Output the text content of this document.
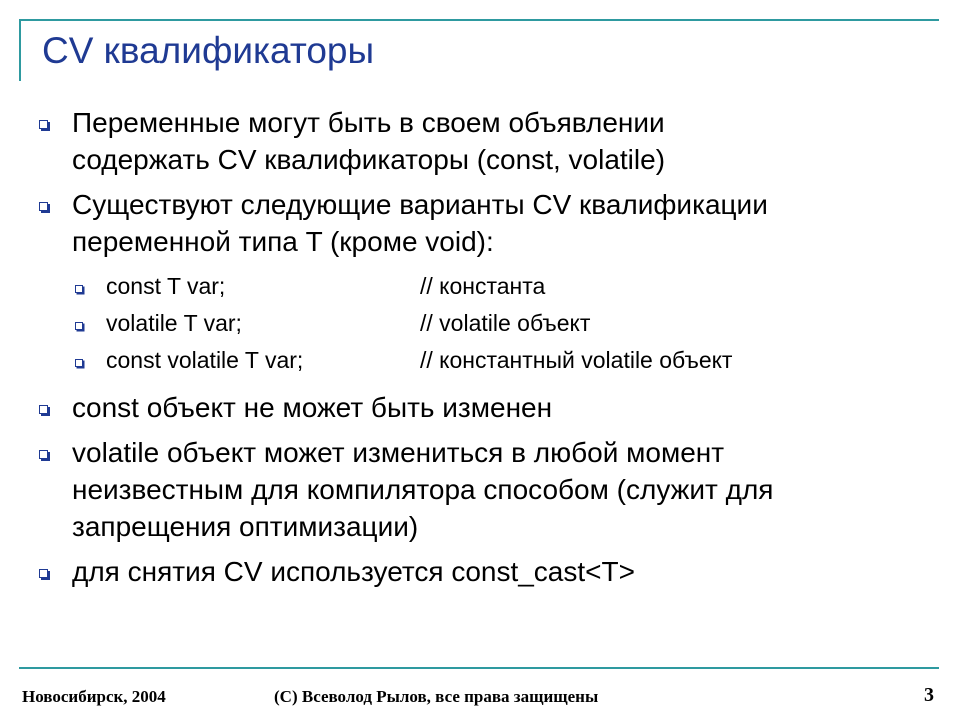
CV квалификаторы
Переменные могут быть в своем объявлении
содержать CV квалификаторы (const, volatile)
Существуют следующие варианты CV квалификации
переменной типа T (кроме void):
const T var;	// константа
volatile T var;	// volatile объект
const volatile T var;	// константный volatile объект
const объект не может быть изменен
volatile объект может измениться в любой момент
неизвестным для компилятора способом (служит для
запрещения оптимизации)
для снятия CV используется const_cast<T>
Новосибирск, 2004	(C) Всеволод Рылов, все права защищены	3
